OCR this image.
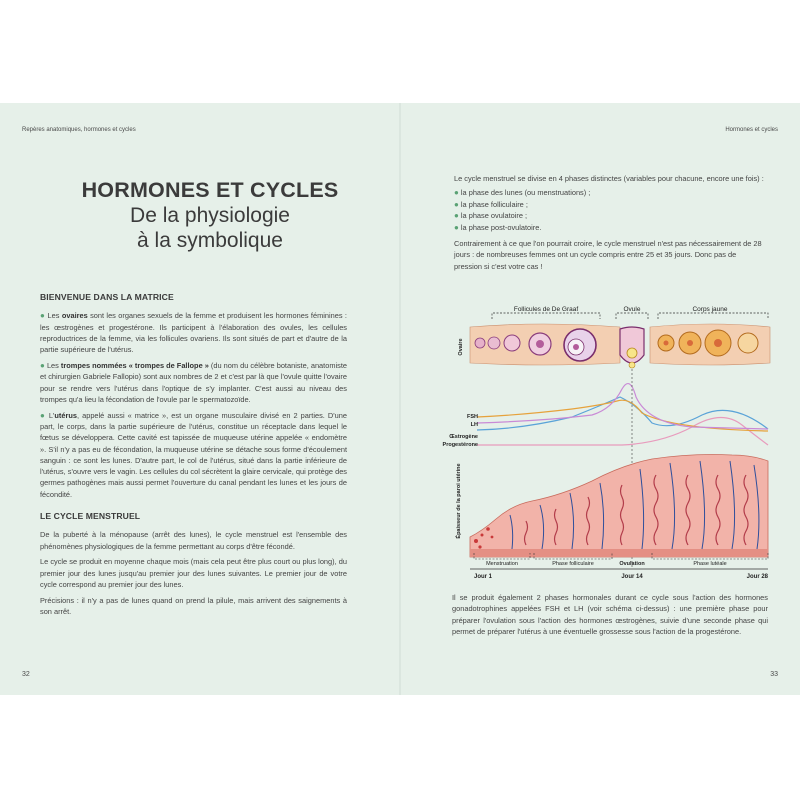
Repères anatomiques, hormones et cycles	Hormones et cycles
HORMONES ET CYCLES
De la physiologie
à la symbolique
BIENVENUE DANS LA MATRICE

● Les ovaires sont les organes sexuels de la femme et produisent les hormones féminines : les œstrogènes et progestérone. Ils participent à l'élaboration des ovules, les cellules reproductrices de la femme, via les follicules ovariens. Ils sont situés de part et d'autre de la partie supérieure de l'utérus.

● Les trompes nommées « trompes de Fallope » (du nom du célèbre botaniste, anatomiste et chirurgien Gabriele Fallopio) sont aux nombres de 2 et c'est par là que l'ovule quitte l'ovaire pour se rendre vers l'utérus dans l'optique de s'y implanter. C'est aussi au niveau des trompes qu'a lieu la fécondation de l'ovule par le spermatozoïde.

● L'utérus, appelé aussi « matrice », est un organe musculaire divisé en 2 parties. D'une part, le corps, dans la partie supérieure de l'utérus, constitue un réceptacle dans lequel le fœtus se développera. Cette cavité est tapissée de muqueuse utérine appelée « endomètre ». S'il n'y a pas eu de fécondation, la muqueuse utérine se détache sous forme d'écoulement sanguin : ce sont les lunes. D'autre part, le col de l'utérus, situé dans la partie inférieure de l'utérus, s'ouvre vers le vagin. Les cellules du col sécrètent la glaire cervicale, qui protège des germes pathogènes mais aussi permet l'ouverture du canal pendant les lunes et les jours de fécondité.

LE CYCLE MENSTRUEL

De la puberté à la ménopause (arrêt des lunes), le cycle menstruel est l'ensemble des phénomènes physiologiques de la femme permettant au corps d'être fécondé.

Le cycle se produit en moyenne chaque mois (mais cela peut être plus court ou plus long), du premier jour des lunes jusqu'au premier jour des lunes suivantes. Le premier jour de votre cycle correspond au premier jour des lunes.

Précisions : il n'y a pas de lunes quand on prend la pilule, mais arrivent des saignements à son arrêt.

Le cycle menstruel se divise en 4 phases distinctes (variables pour chacune, encore une fois) :

● la phase des lunes (ou menstruations) ;
● la phase folliculaire ;
● la phase ovulatoire ;
● la phase post-ovulatoire.

Contrairement à ce que l'on pourrait croire, le cycle menstruel n'est pas nécessairement de 28 jours : de nombreuses femmes ont un cycle compris entre 25 et 35 jours. Donc pas de pression si c'est votre cas !

Follicules de De Graaf	Ovule	Corps jaune
Ovaire
FSH
LH
Œstrogène
Progestérone
Épaisseur de la paroi utérine
Menstruation	Phase folliculaire	Ovulation	Phase lutéale
Jour 1	Jour 14	Jour 28

Il se produit également 2 phases hormonales durant ce cycle sous l'action des hormones gonadotrophines appelées FSH et LH (voir schéma ci-dessus) : une première phase pour préparer l'ovulation sous l'action des hormones œstrogènes, suivie d'une seconde phase qui permet de préparer l'utérus à une éventuelle grossesse sous l'action de la progestérone.

32	33
